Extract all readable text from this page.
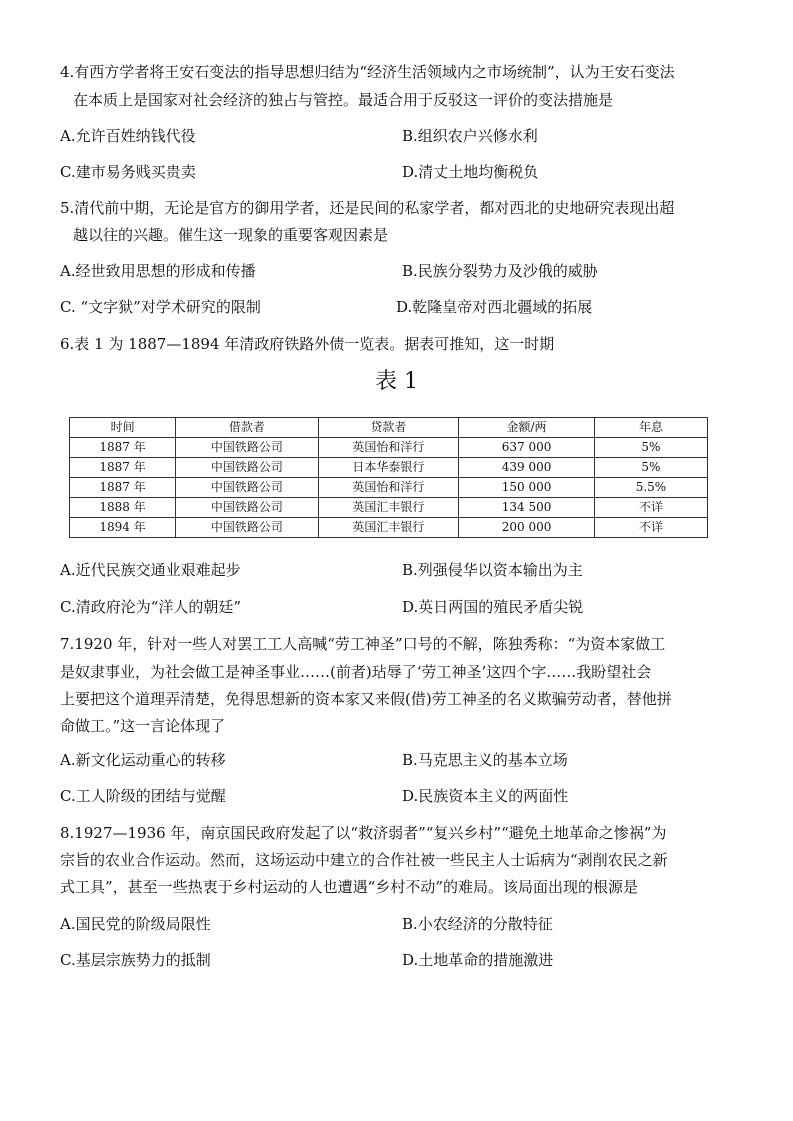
4.有西方学者将王安石变法的指导思想归结为“经济生活领域内之市场统制”，认为王安石变法
在本质上是国家对社会经济的独占与管控。最适合用于反驳这一评价的变法措施是
A.允许百姓纳钱代役	B.组织农户兴修水利
C.建市易务贱买贵卖	D.清丈土地均衡税负
5.清代前中期，无论是官方的御用学者，还是民间的私家学者，都对西北的史地研究表现出超
越以往的兴趣。催生这一现象的重要客观因素是
A.经世致用思想的形成和传播	B.民族分裂势力及沙俄的威胁
C. “文字狱”对学术研究的限制	D.乾隆皇帝对西北疆域的拓展
6.表 1 为 1887—1894 年清政府铁路外债一览表。据表可推知，这一时期
表 1
时间	借款者	贷款者	金额/两	年息
1887 年	中国铁路公司	英国怡和洋行	637 000	5%
1887 年	中国铁路公司	日本华泰银行	439 000	5%
1887 年	中国铁路公司	英国怡和洋行	150 000	5.5%
1888 年	中国铁路公司	英国汇丰银行	134 500	不详
1894 年	中国铁路公司	英国汇丰银行	200 000	不详
A.近代民族交通业艰难起步	B.列强侵华以资本输出为主
C.清政府沦为“洋人的朝廷”	D.英日两国的殖民矛盾尖锐
7.1920 年，针对一些人对罢工工人高喊“劳工神圣”口号的不解，陈独秀称：“为资本家做工
是奴隶事业，为社会做工是神圣事业……(前者)玷辱了‘劳工神圣’这四个字……我盼望社会
上要把这个道理弄清楚，免得思想新的资本家又来假(借)劳工神圣的名义欺骗劳动者，替他拼
命做工。”这一言论体现了
A.新文化运动重心的转移	B.马克思主义的基本立场
C.工人阶级的团结与觉醒	D.民族资本主义的两面性
8.1927—1936 年，南京国民政府发起了以“救济弱者”“复兴乡村”“避免土地革命之惨祸”为
宗旨的农业合作运动。然而，这场运动中建立的合作社被一些民主人士诟病为“剥削农民之新
式工具”，甚至一些热衷于乡村运动的人也遭遇“乡村不动”的难局。该局面出现的根源是
A.国民党的阶级局限性	B.小农经济的分散特征
C.基层宗族势力的抵制	D.土地革命的措施激进
